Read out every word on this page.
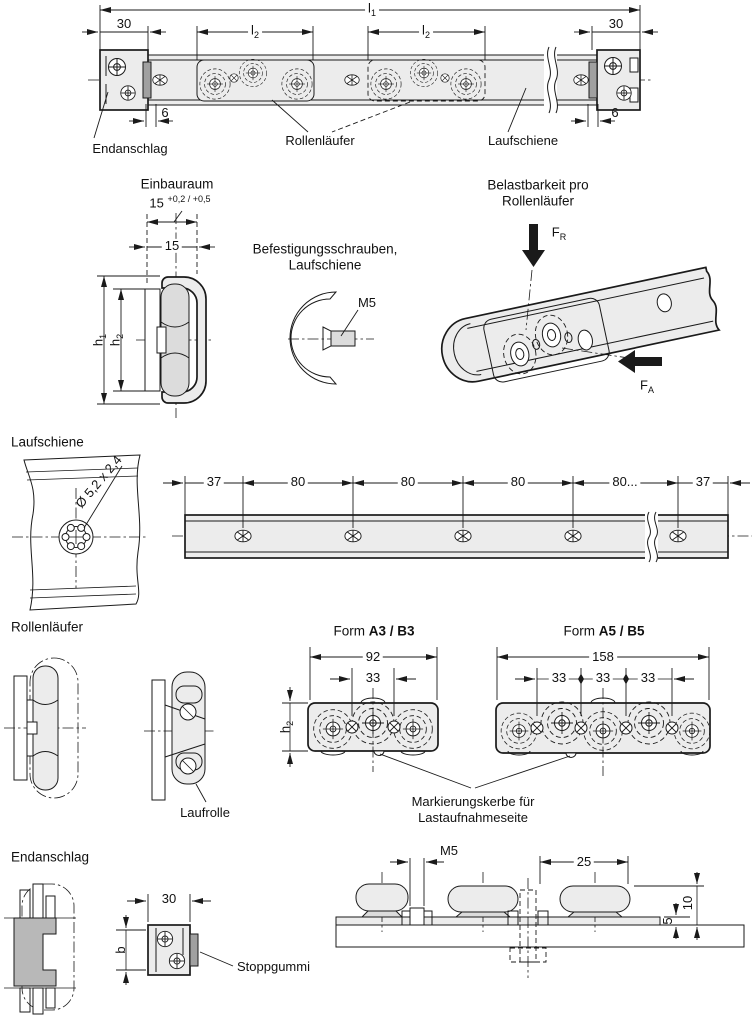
$l_1$
30	$l_2$	$l_2$
30
6	6
Endanschlag
Rollenläufer	Laufschiene
Einbauraum
15 $^{+0,2 / +0,5}$
15
$h_1$
$h_2$
Befestigungsschrauben,
Laufschiene
M5
Belastbarkeit pro
Rollenläufer
$F_R$
$F_A$
Laufschiene
Ø 5,2 x 2,4	37	80	80	80	80...	37
Rollenläufer
Laufrolle
Form A3 / B3
92
33
$h_2$
Form A5 / B5
158
33 33 33
Markierungskerbe für
Lastaufnahmeseite
Endanschlag
30
b
Stoppgummi
M5
25
10
5
